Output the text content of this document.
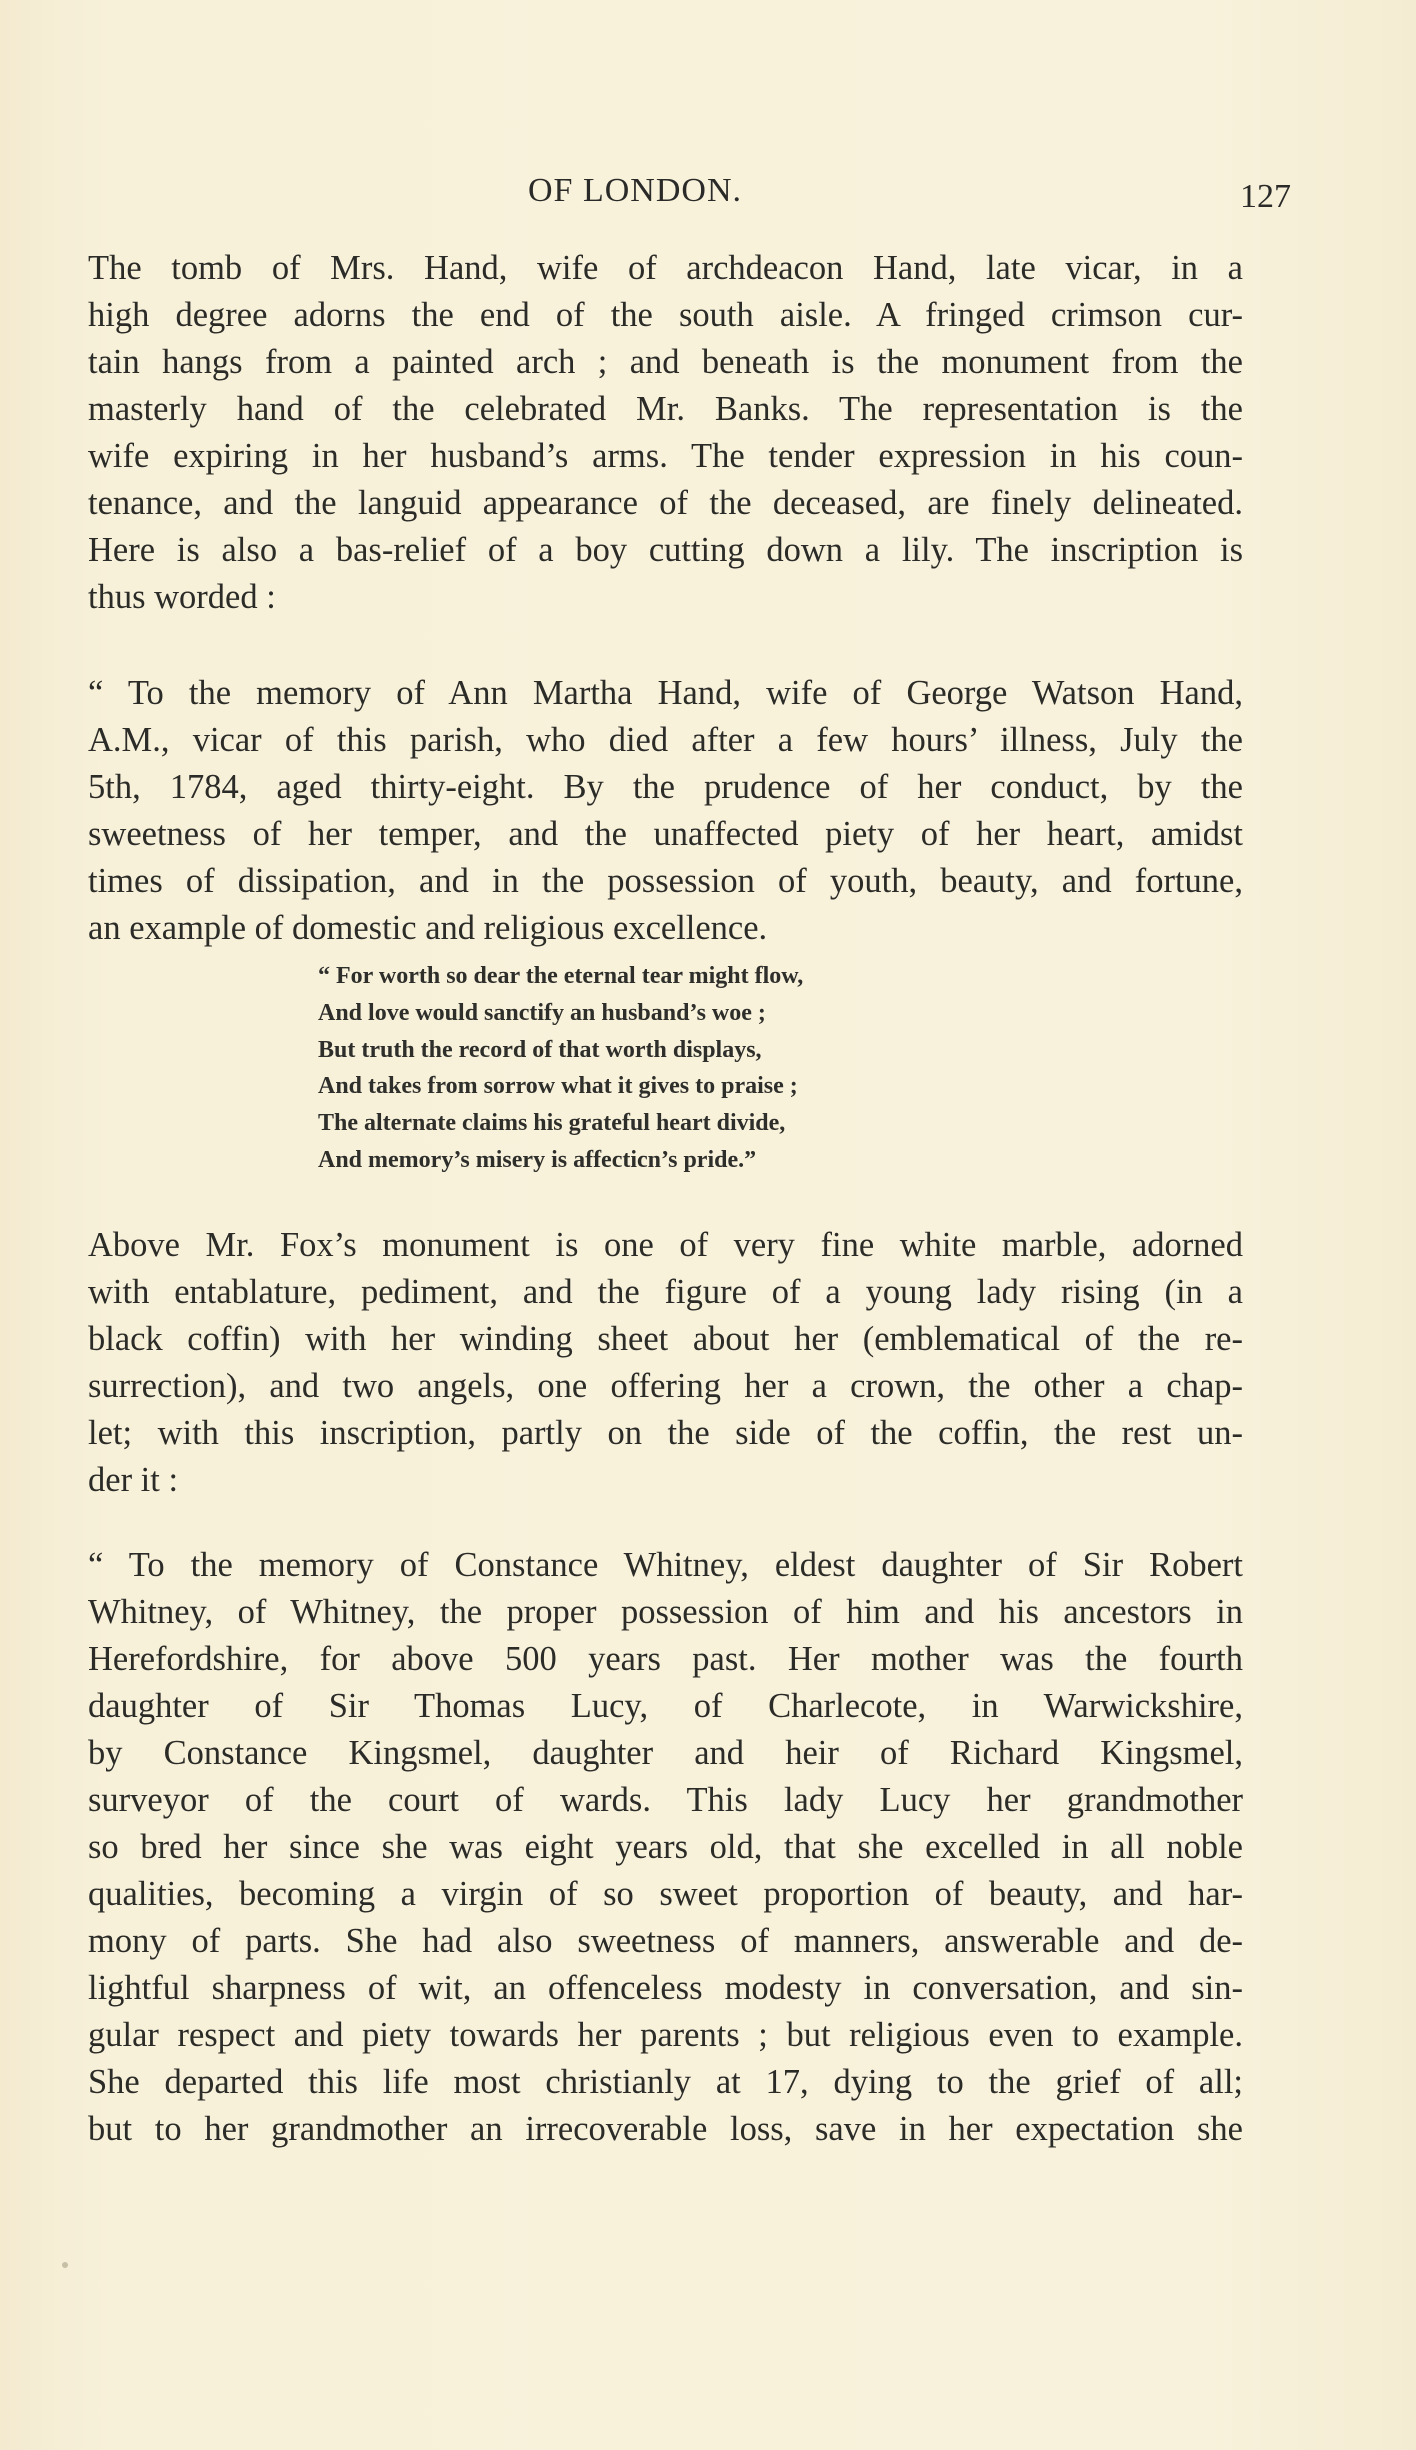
OF LONDON.	127
The tomb of Mrs. Hand, wife of archdeacon Hand, late vicar, in a
high degree adorns the end of the south aisle. A fringed crimson cur-
tain hangs from a painted arch ; and beneath is the monument from the
masterly hand of the celebrated Mr. Banks. The representation is the
wife expiring in her husband’s arms. The tender expression in his coun-
tenance, and the languid appearance of the deceased, are finely delineated.
Here is also a bas-relief of a boy cutting down a lily. The inscription is
thus worded :
“ To the memory of Ann Martha Hand, wife of George Watson Hand,
A.M., vicar of this parish, who died after a few hours’ illness, July the
5th, 1784, aged thirty-eight. By the prudence of her conduct, by the
sweetness of her temper, and the unaffected piety of her heart, amidst
times of dissipation, and in the possession of youth, beauty, and fortune,
an example of domestic and religious excellence.
“ For worth so dear the eternal tear might flow,
And love would sanctify an husband’s woe ;
But truth the record of that worth displays,
And takes from sorrow what it gives to praise ;
The alternate claims his grateful heart divide,
And memory’s misery is affecticn’s pride.”
Above Mr. Fox’s monument is one of very fine white marble, adorned
with entablature, pediment, and the figure of a young lady rising (in a
black coffin) with her winding sheet about her (emblematical of the re-
surrection), and two angels, one offering her a crown, the other a chap-
let; with this inscription, partly on the side of the coffin, the rest un-
der it :
“ To the memory of Constance Whitney, eldest daughter of Sir Robert
Whitney, of Whitney, the proper possession of him and his ancestors in
Herefordshire, for above 500 years past. Her mother was the fourth
daughter of Sir Thomas Lucy, of Charlecote, in Warwickshire,
by Constance Kingsmel, daughter and heir of Richard Kingsmel,
surveyor of the court of wards. This lady Lucy her grandmother
so bred her since she was eight years old, that she excelled in all noble
qualities, becoming a virgin of so sweet proportion of beauty, and har-
mony of parts. She had also sweetness of manners, answerable and de-
lightful sharpness of wit, an offenceless modesty in conversation, and sin-
gular respect and piety towards her parents ; but religious even to example.
She departed this life most christianly at 17, dying to the grief of all;
but to her grandmother an irrecoverable loss, save in her expectation she
